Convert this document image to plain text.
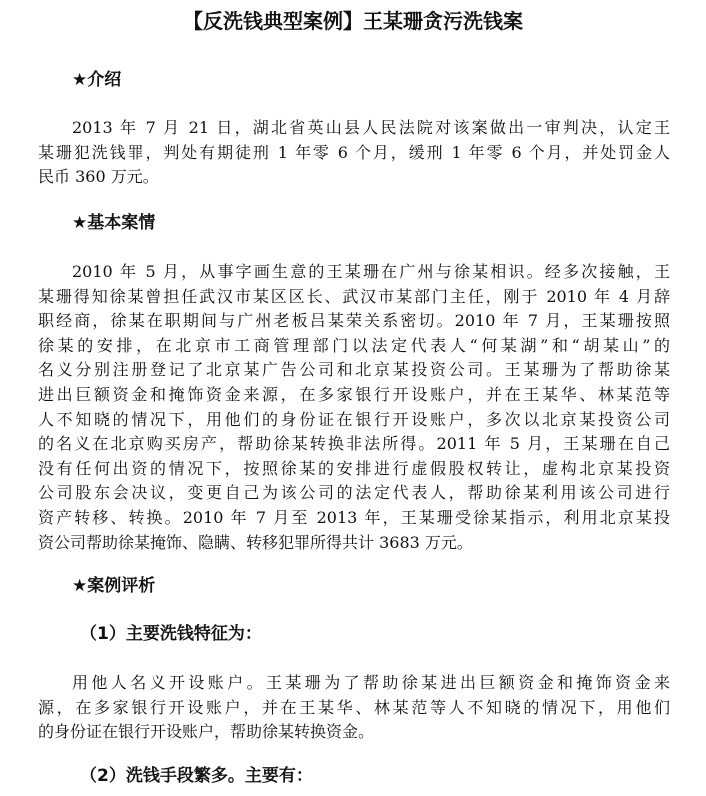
【反洗钱典型案例】王某珊贪污洗钱案
★介绍
2013 年 7 月 21 日，湖北省英山县人民法院对该案做出一审判决，认定王
某珊犯洗钱罪，判处有期徒刑 1 年零 6 个月，缓刑 1 年零 6 个月，并处罚金人
民币 360 万元。
★基本案情
2010 年 5 月，从事字画生意的王某珊在广州与徐某相识。经多次接触，王
某珊得知徐某曾担任武汉市某区区长、武汉市某部门主任，刚于 2010 年 4 月辞
职经商，徐某在职期间与广州老板吕某荣关系密切。2010 年 7 月，王某珊按照
徐某的安排，在北京市工商管理部门以法定代表人“何某湖”和“胡某山”的
名义分别注册登记了北京某广告公司和北京某投资公司。王某珊为了帮助徐某
进出巨额资金和掩饰资金来源，在多家银行开设账户，并在王某华、林某范等
人不知晓的情况下，用他们的身份证在银行开设账户，多次以北京某投资公司
的名义在北京购买房产，帮助徐某转换非法所得。2011 年 5 月，王某珊在自己
没有任何出资的情况下，按照徐某的安排进行虚假股权转让，虚构北京某投资
公司股东会决议，变更自己为该公司的法定代表人，帮助徐某利用该公司进行
资产转移、转换。2010 年 7 月至 2013 年，王某珊受徐某指示，利用北京某投
资公司帮助徐某掩饰、隐瞒、转移犯罪所得共计 3683 万元。
★案例评析
（1）主要洗钱特征为：
用他人名义开设账户。王某珊为了帮助徐某进出巨额资金和掩饰资金来
源，在多家银行开设账户，并在王某华、林某范等人不知晓的情况下，用他们
的身份证在银行开设账户，帮助徐某转换资金。
（2）洗钱手段繁多。主要有：
